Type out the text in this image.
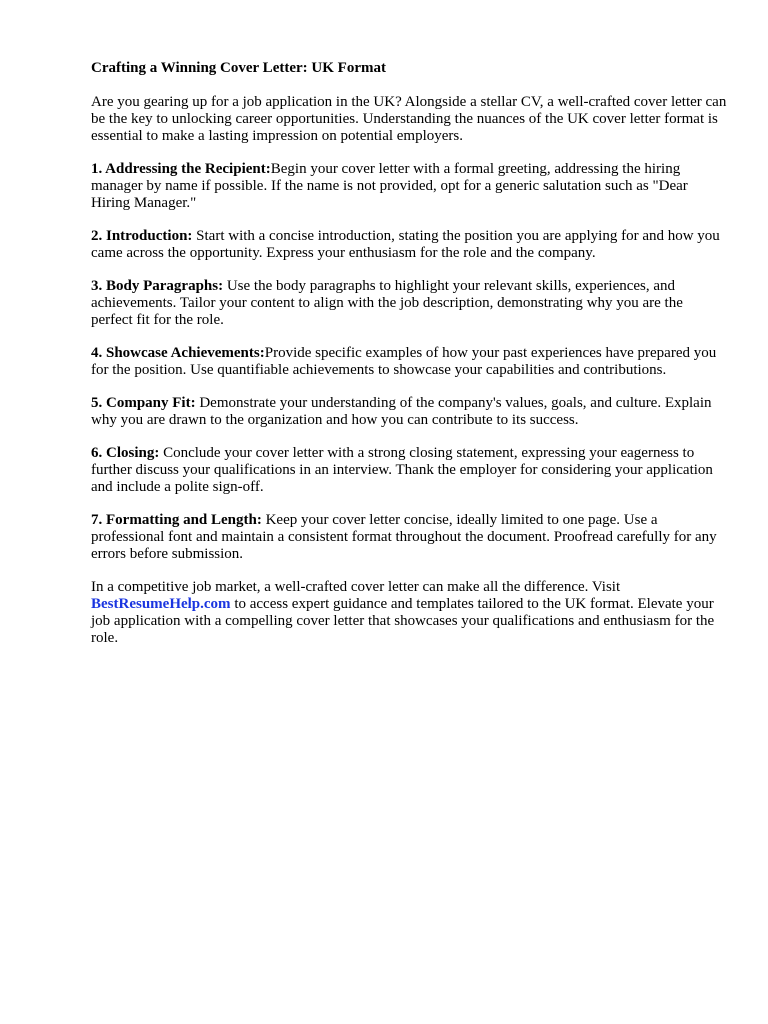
Crafting a Winning Cover Letter: UK Format

Are you gearing up for a job application in the UK? Alongside a stellar CV, a well-crafted cover letter can be the key to unlocking career opportunities. Understanding the nuances of the UK cover letter format is essential to make a lasting impression on potential employers.

1. Addressing the Recipient:Begin your cover letter with a formal greeting, addressing the hiring manager by name if possible. If the name is not provided, opt for a generic salutation such as "Dear Hiring Manager."

2. Introduction: Start with a concise introduction, stating the position you are applying for and how you came across the opportunity. Express your enthusiasm for the role and the company.

3. Body Paragraphs: Use the body paragraphs to highlight your relevant skills, experiences, and achievements. Tailor your content to align with the job description, demonstrating why you are the perfect fit for the role.

4. Showcase Achievements:Provide specific examples of how your past experiences have prepared you for the position. Use quantifiable achievements to showcase your capabilities and contributions.

5. Company Fit: Demonstrate your understanding of the company's values, goals, and culture. Explain why you are drawn to the organization and how you can contribute to its success.

6. Closing: Conclude your cover letter with a strong closing statement, expressing your eagerness to further discuss your qualifications in an interview. Thank the employer for considering your application and include a polite sign-off.

7. Formatting and Length: Keep your cover letter concise, ideally limited to one page. Use a professional font and maintain a consistent format throughout the document. Proofread carefully for any errors before submission.

In a competitive job market, a well-crafted cover letter can make all the difference. Visit BestResumeHelp.com to access expert guidance and templates tailored to the UK format. Elevate your job application with a compelling cover letter that showcases your qualifications and enthusiasm for the role.
